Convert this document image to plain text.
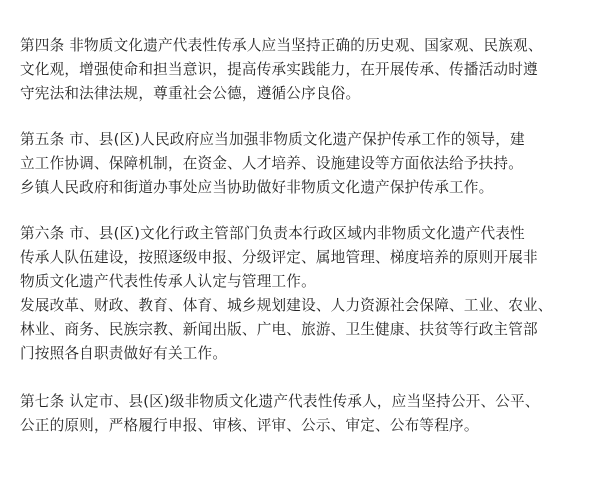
第四条 非物质文化遗产代表性传承人应当坚持正确的历史观、国家观、民族观、
文化观，增强使命和担当意识，提高传承实践能力，在开展传承、传播活动时遵
守宪法和法律法规，尊重社会公德，遵循公序良俗。
第五条 市、县(区)人民政府应当加强非物质文化遗产保护传承工作的领导，建
立工作协调、保障机制，在资金、人才培养、设施建设等方面依法给予扶持。
乡镇人民政府和街道办事处应当协助做好非物质文化遗产保护传承工作。
第六条 市、县(区)文化行政主管部门负责本行政区域内非物质文化遗产代表性
传承人队伍建设，按照逐级申报、分级评定、属地管理、梯度培养的原则开展非
物质文化遗产代表性传承人认定与管理工作。
发展改革、财政、教育、体育、城乡规划建设、人力资源社会保障、工业、农业、
林业、商务、民族宗教、新闻出版、广电、旅游、卫生健康、扶贫等行政主管部
门按照各自职责做好有关工作。
第七条 认定市、县(区)级非物质文化遗产代表性传承人，应当坚持公开、公平、
公正的原则，严格履行申报、审核、评审、公示、审定、公布等程序。
